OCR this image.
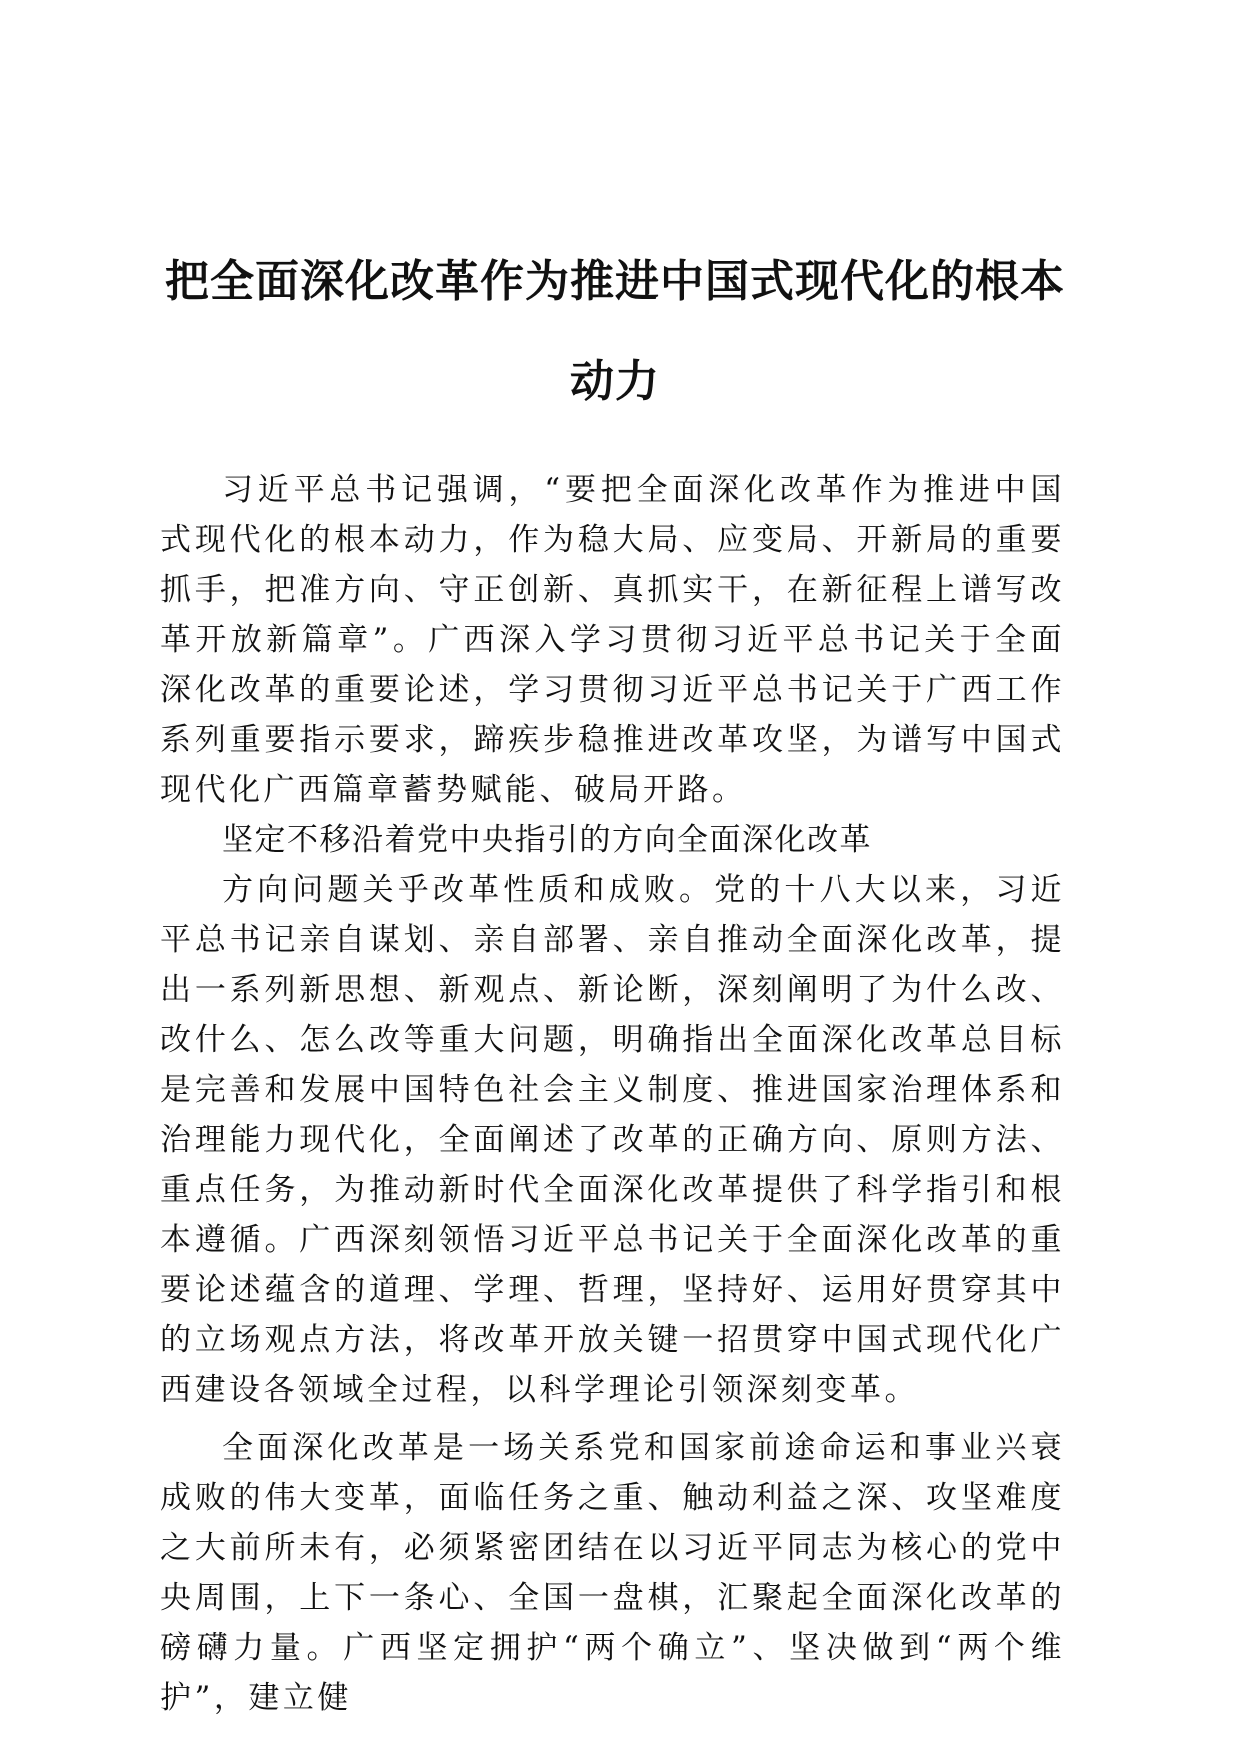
把全面深化改革作为推进中国式现代化的根本动力

习近平总书记强调，“要把全面深化改革作为推进中国式现代化的根本动力，作为稳大局、应变局、开新局的重要抓手，把准方向、守正创新、真抓实干，在新征程上谱写改革开放新篇章”。广西深入学习贯彻习近平总书记关于全面深化改革的重要论述，学习贯彻习近平总书记关于广西工作系列重要指示要求，蹄疾步稳推进改革攻坚，为谱写中国式现代化广西篇章蓄势赋能、破局开路。

坚定不移沿着党中央指引的方向全面深化改革

方向问题关乎改革性质和成败。党的十八大以来，习近平总书记亲自谋划、亲自部署、亲自推动全面深化改革，提出一系列新思想、新观点、新论断，深刻阐明了为什么改、改什么、怎么改等重大问题，明确指出全面深化改革总目标是完善和发展中国特色社会主义制度、推进国家治理体系和治理能力现代化，全面阐述了改革的正确方向、原则方法、重点任务，为推动新时代全面深化改革提供了科学指引和根本遵循。广西深刻领悟习近平总书记关于全面深化改革的重要论述蕴含的道理、学理、哲理，坚持好、运用好贯穿其中的立场观点方法，将改革开放关键一招贯穿中国式现代化广西建设各领域全过程，以科学理论引领深刻变革。

全面深化改革是一场关系党和国家前途命运和事业兴衰成败的伟大变革，面临任务之重、触动利益之深、攻坚难度之大前所未有，必须紧密团结在以习近平同志为核心的党中央周围，上下一条心、全国一盘棋，汇聚起全面深化改革的磅礴力量。广西坚定拥护“两个确立”、坚决做到“两个维护”，建立健
